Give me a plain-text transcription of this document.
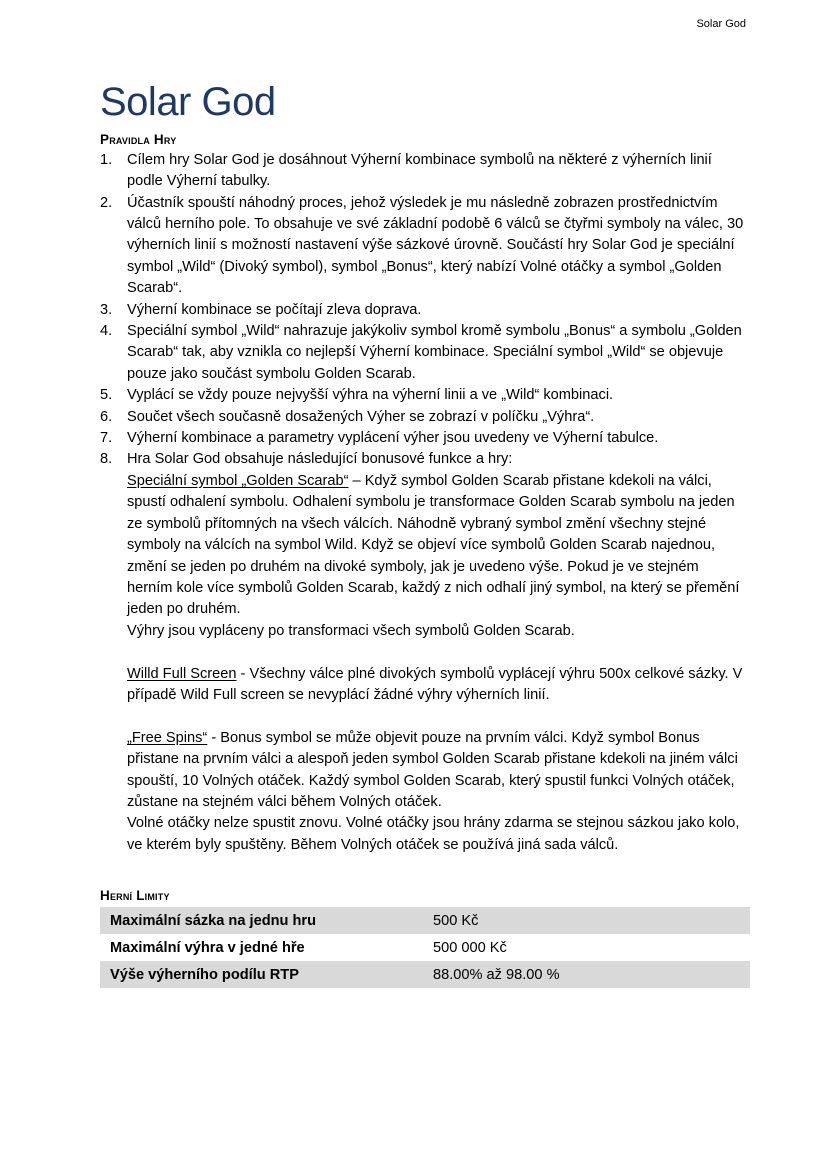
Solar God
Solar God
Pravidla Hry
1.	Cílem hry Solar God je dosáhnout Výherní kombinace symbolů na některé z výherních linií podle Výherní tabulky.
2.	Účastník spouští náhodný proces, jehož výsledek je mu následně zobrazen prostřednictvím válců herního pole. To obsahuje ve své základní podobě 6 válců se čtyřmi symboly na válec, 30 výherních linií s možností nastavení výše sázkové úrovně. Součástí hry Solar God je speciální symbol „Wild“ (Divoký symbol), symbol „Bonus“, který nabízí Volné otáčky a symbol „Golden Scarab“.
3.	Výherní kombinace se počítají zleva doprava.
4.	Speciální symbol „Wild“ nahrazuje jakýkoliv symbol kromě symbolu „Bonus“ a symbolu „Golden Scarab“ tak, aby vznikla co nejlepší Výherní kombinace. Speciální symbol „Wild“ se objevuje pouze jako součást symbolu Golden Scarab.
5.	Vyplácí se vždy pouze nejvyšší výhra na výherní linii a ve „Wild“ kombinaci.
6.	Součet všech současně dosažených Výher se zobrazí v políčku „Výhra“.
7.	Výherní kombinace a parametry vyplácení výher jsou uvedeny ve Výherní tabulce.
8.	Hra Solar God obsahuje následující bonusové funkce a hry:
Speciální symbol „Golden Scarab“ – Když symbol Golden Scarab přistane kdekoli na válci, spustí odhalení symbolu. Odhalení symbolu je transformace Golden Scarab symbolu na jeden ze symbolů přítomných na všech válcích. Náhodně vybraný symbol změní všechny stejné symboly na válcích na symbol Wild. Když se objeví více symbolů Golden Scarab najednou, změní se jeden po druhém na divoké symboly, jak je uvedeno výše. Pokud je ve stejném herním kole více symbolů Golden Scarab, každý z nich odhalí jiný symbol, na který se přemění jeden po druhém.
Výhry jsou vypláceny po transformaci všech symbolů Golden Scarab.
Willd Full Screen - Všechny válce plné divokých symbolů vyplácejí výhru 500x celkové sázky. V případě Wild Full screen se nevyplácí žádné výhry výherních linií.
„Free Spins“ - Bonus symbol se může objevit pouze na prvním válci. Když symbol Bonus přistane na prvním válci a alespoň jeden symbol Golden Scarab přistane kdekoli na jiném válci spouští, 10 Volných otáček. Každý symbol Golden Scarab, který spustil funkci Volných otáček, zůstane na stejném válci během Volných otáček.
Volné otáčky nelze spustit znovu. Volné otáčky jsou hrány zdarma se stejnou sázkou jako kolo, ve kterém byly spuštěny. Během Volných otáček se používá jiná sada válců.
Herní Limity
Maximální sázka na jednu hru	500 Kč
Maximální výhra v jedné hře	500 000 Kč
Výše výherního podílu RTP	88.00% až 98.00 %
